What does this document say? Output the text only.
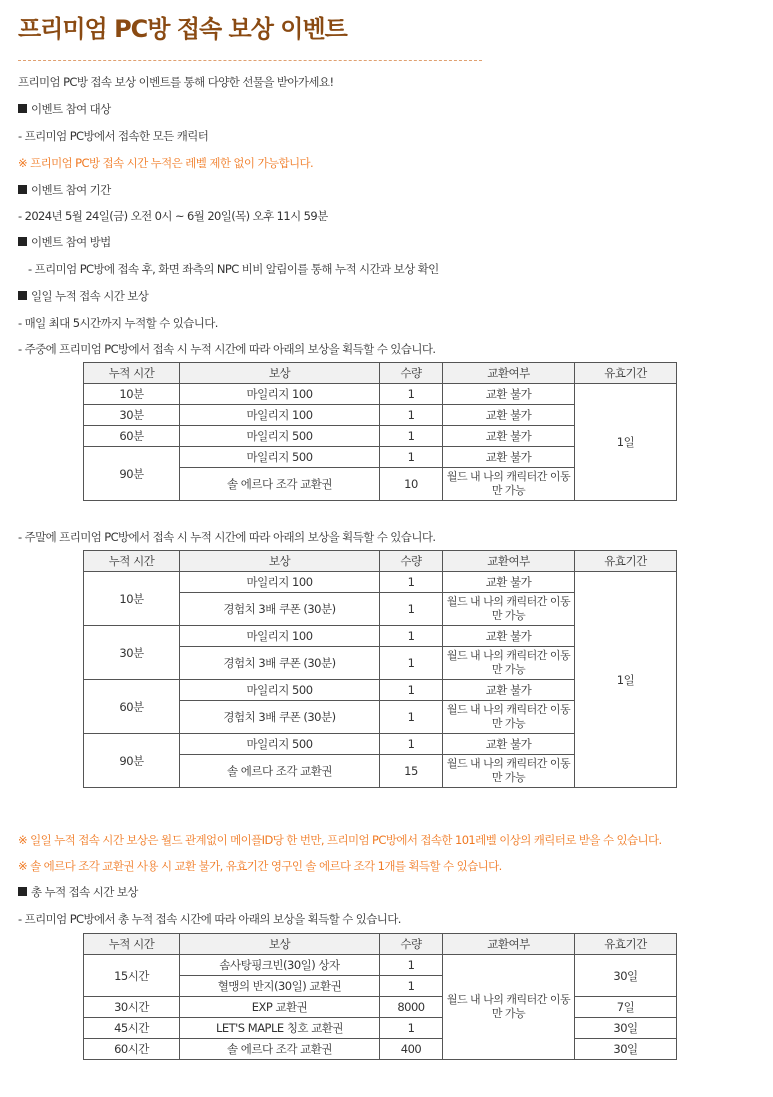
프리미엄 PC방 접속 보상 이벤트
프리미엄 PC방 접속 보상 이벤트를 통해 다양한 선물을 받아가세요!
이벤트 참여 대상
- 프리미엄 PC방에서 접속한 모든 캐릭터
※ 프리미엄 PC방 접속 시간 누적은 레벨 제한 없이 가능합니다.
이벤트 참여 기간
- 2024년 5월 24일(금) 오전 0시 ~ 6월 20일(목) 오후 11시 59분
이벤트 참여 방법
- 프리미엄 PC방에 접속 후, 화면 좌측의 NPC 비비 알림이를 통해 누적 시간과 보상 확인
일일 누적 접속 시간 보상
- 매일 최대 5시간까지 누적할 수 있습니다.
- 주중에 프리미엄 PC방에서 접속 시 누적 시간에 따라 아래의 보상을 획득할 수 있습니다.
누적 시간	보상	수량	교환여부	유효기간
10분	마일리지 100	1	교환 불가	1일
30분	마일리지 100	1	교환 불가	
60분	마일리지 500	1	교환 불가	
90분	마일리지 500	1	교환 불가	
	솔 에르다 조각 교환권	10	월드 내 나의 캐릭터간 이동만 가능	
- 주말에 프리미엄 PC방에서 접속 시 누적 시간에 따라 아래의 보상을 획득할 수 있습니다.
누적 시간	보상	수량	교환여부	유효기간
10분	마일리지 100	1	교환 불가	1일
	경험치 3배 쿠폰 (30분)	1	월드 내 나의 캐릭터간 이동만 가능	
30분	마일리지 100	1	교환 불가	
	경험치 3배 쿠폰 (30분)	1	월드 내 나의 캐릭터간 이동만 가능	
60분	마일리지 500	1	교환 불가	
	경험치 3배 쿠폰 (30분)	1	월드 내 나의 캐릭터간 이동만 가능	
90분	마일리지 500	1	교환 불가	
	솔 에르다 조각 교환권	15	월드 내 나의 캐릭터간 이동만 가능	
※ 일일 누적 접속 시간 보상은 월드 관계없이 메이플ID당 한 번만, 프리미엄 PC방에서 접속한 101레벨 이상의 캐릭터로 받을 수 있습니다.
※ 솔 에르다 조각 교환권 사용 시 교환 불가, 유효기간 영구인 솔 에르다 조각 1개를 획득할 수 있습니다.
총 누적 접속 시간 보상
- 프리미엄 PC방에서 총 누적 접속 시간에 따라 아래의 보상을 획득할 수 있습니다.
누적 시간	보상	수량	교환여부	유효기간
15시간	솜사탕핑크빈(30일) 상자	1	월드 내 나의 캐릭터간 이동만 가능	30일
	혈맹의 반지(30일) 교환권	1		
30시간	EXP 교환권	8000		7일
45시간	LET'S MAPLE 칭호 교환권	1		30일
60시간	솔 에르다 조각 교환권	400		30일
